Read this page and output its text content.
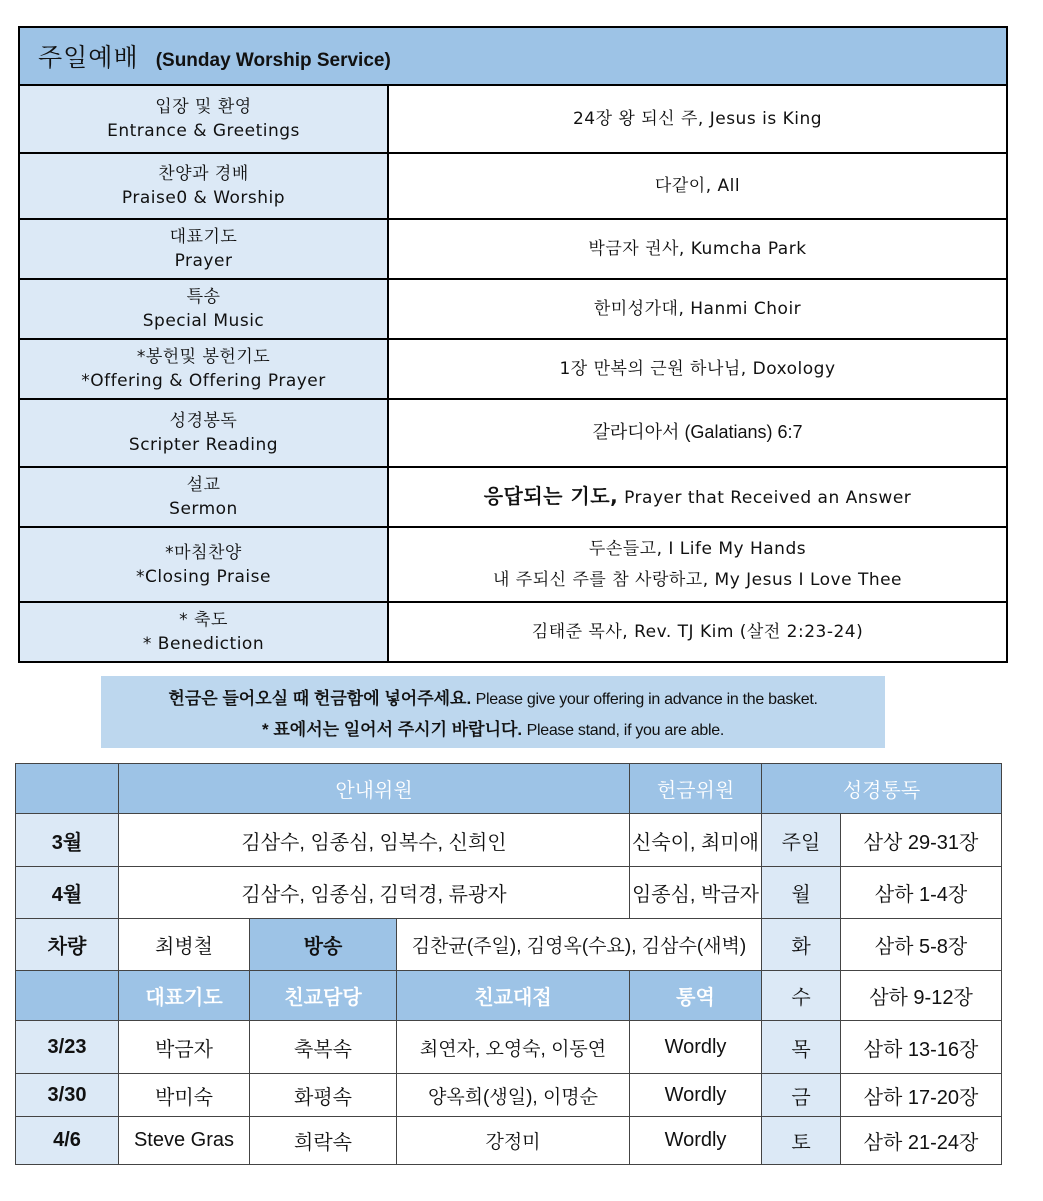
주일예배 (Sunday Worship Service)	

입장 및 환영
Entrance & Greetings	24장 왕 되신 주, Jesus is King

찬양과 경배
Praise0 & Worship	다같이, All

대표기도
Prayer	박금자 권사, Kumcha Park

특송
Special Music	한미성가대, Hanmi Choir

*봉헌및 봉헌기도
*Offering & Offering Prayer	1장 만복의 근원 하나님, Doxology

성경봉독
Scripter Reading	갈라디아서 (Galatians) 6:7

설교
Sermon	응답되는 기도, Prayer that Received an Answer

*마침찬양
*Closing Praise	두손들고, I Life My Hands
내 주되신 주를 참 사랑하고, My Jesus I Love Thee

* 축도
* Benediction	김태준 목사, Rev. TJ Kim (살전 2:23-24)
헌금은 들어오실 때 헌금함에 넣어주세요. Please give your offering in advance in the basket.
* 표에서는 일어서 주시기 바랍니다. Please stand, if you are able.
	안내위원			헌금위원	성경통독	
3월	김삼수, 임종심, 임복수, 신희인			신숙이, 최미애	주일	삼상 29-31장
4월	김삼수, 임종심, 김덕경, 류광자			임종심, 박금자	월	삼하 1-4장
차량	최병철	방송	김찬균(주일), 김영옥(수요), 김삼수(새벽)		화	삼하 5-8장
	대표기도	친교담당	친교대접	통역	수	삼하 9-12장
3/23	박금자	축복속	최연자, 오영숙, 이동연	Wordly	목	삼하 13-16장
3/30	박미숙	화평속	양옥희(생일), 이명순	Wordly	금	삼하 17-20장
4/6	Steve Gras	희락속	강정미	Wordly	토	삼하 21-24장
